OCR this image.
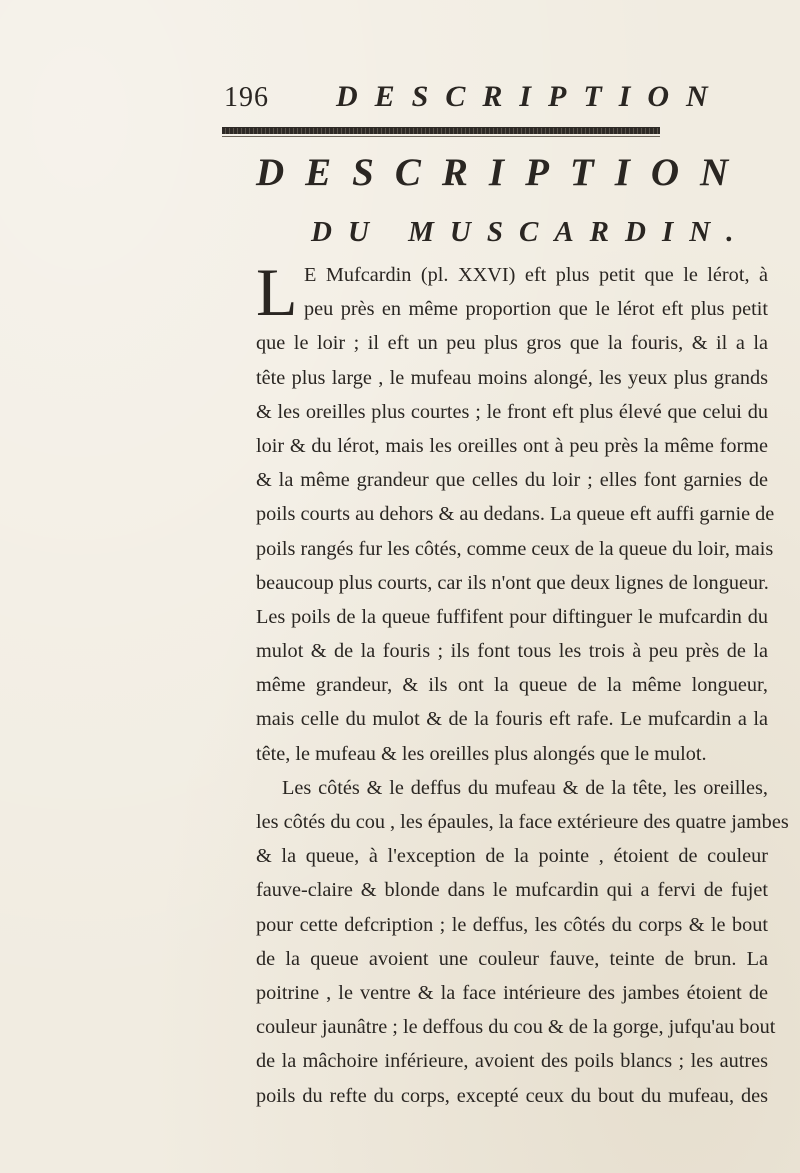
196 DESCRIPTION
DESCRIPTION
DU MUSCARDIN.
L E Mufcardin (pl. XXVI) eft plus petit que le lérot, à
peu près en même proportion que le lérot eft plus petit
que le loir ; il eft un peu plus gros que la fouris, & il a la
tête plus large , le mufeau moins alongé, les yeux plus grands
& les oreilles plus courtes ; le front eft plus élevé que celui du
loir & du lérot, mais les oreilles ont à peu près la même forme
& la même grandeur que celles du loir ; elles font garnies de
poils courts au dehors & au dedans. La queue eft auffi garnie de
poils rangés fur les côtés, comme ceux de la queue du loir, mais
beaucoup plus courts, car ils n'ont que deux lignes de longueur.
Les poils de la queue fuffifent pour diftinguer le mufcardin du
mulot & de la fouris ; ils font tous les trois à peu près de la
même grandeur, & ils ont la queue de la même longueur,
mais celle du mulot & de la fouris eft rafe. Le mufcardin a la
tête, le mufeau & les oreilles plus alongés que le mulot.
Les côtés & le deffus du mufeau & de la tête, les oreilles,
les côtés du cou , les épaules, la face extérieure des quatre jambes
& la queue, à l'exception de la pointe , étoient de couleur
fauve-claire & blonde dans le mufcardin qui a fervi de fujet
pour cette defcription ; le deffus, les côtés du corps & le bout
de la queue avoient une couleur fauve, teinte de brun. La
poitrine , le ventre & la face intérieure des jambes étoient de
couleur jaunâtre ; le deffous du cou & de la gorge, jufqu'au bout
de la mâchoire inférieure, avoient des poils blancs ; les autres
poils du refte du corps, excepté ceux du bout du mufeau, des
